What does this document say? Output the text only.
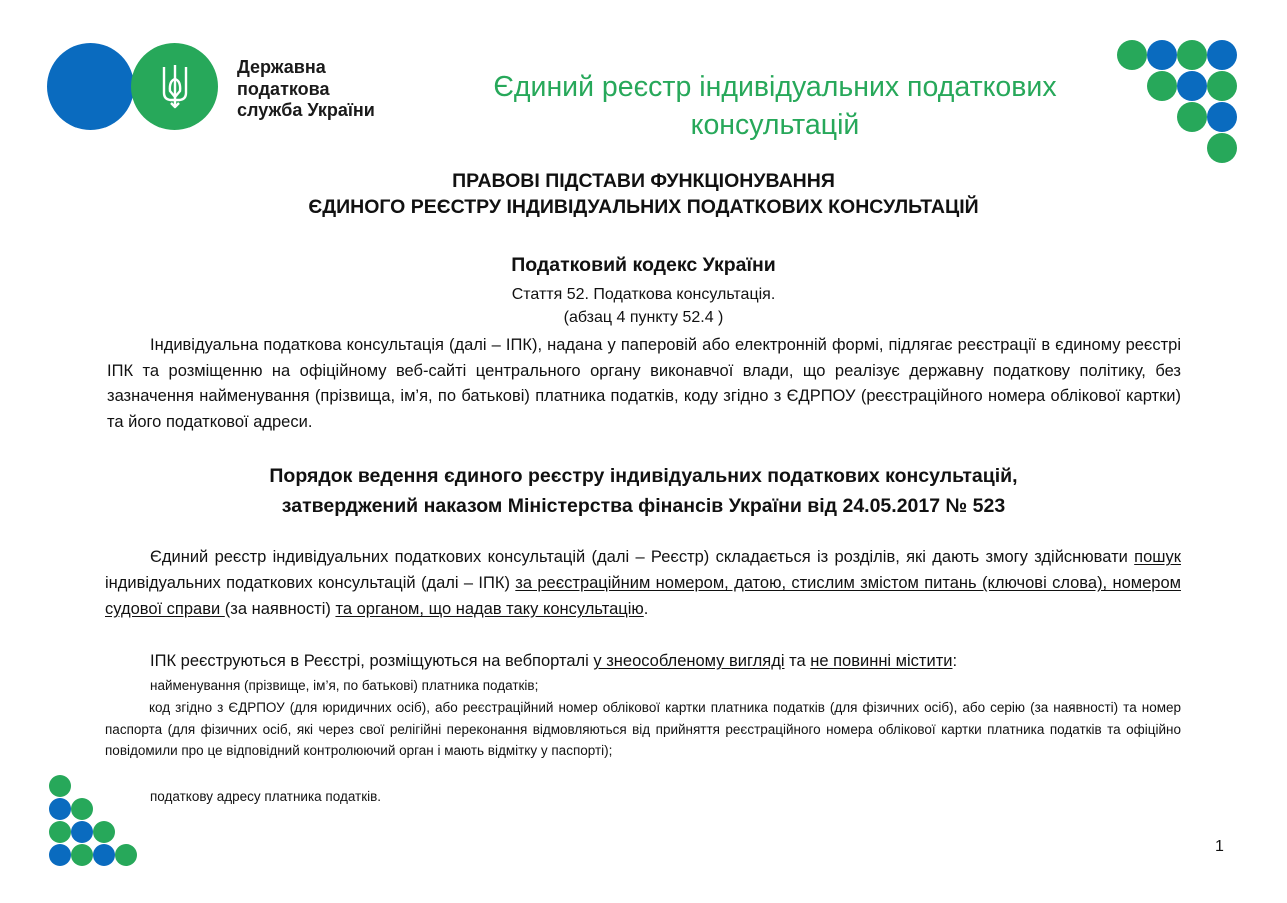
Державна
податкова
служба України
Єдиний реєстр індивідуальних податкових
консультацій
ПРАВОВІ ПІДСТАВИ ФУНКЦІОНУВАННЯ
ЄДИНОГО РЕЄСТРУ ІНДИВІДУАЛЬНИХ ПОДАТКОВИХ КОНСУЛЬТАЦІЙ
Податковий кодекс України
Стаття 52. Податкова консультація.
(абзац 4 пункту 52.4 )
Індивідуальна податкова консультація (далі – ІПК), надана у паперовій або електронній формі, підлягає реєстрації в єдиному реєстрі ІПК та розміщенню на офіційному веб-сайті центрального органу виконавчої влади, що реалізує державну податкову політику, без зазначення найменування (прізвища, ім’я, по батькові) платника податків, коду згідно з ЄДРПОУ (реєстраційного номера облікової картки) та його податкової адреси.
Порядок ведення єдиного реєстру індивідуальних податкових консультацій,
затверджений наказом Міністерства фінансів України від 24.05.2017 № 523
Єдиний реєстр індивідуальних податкових консультацій (далі – Реєстр) складається із розділів, які дають змогу здійснювати пошук індивідуальних податкових консультацій (далі – ІПК) за реєстраційним номером, датою, стислим змістом питань (ключові слова), номером судової справи (за наявності) та органом, що надав таку консультацію.
ІПК реєструються в Реєстрі, розміщуються на вебпорталі у знеособленому вигляді та не повинні містити:
найменування (прізвище, ім’я, по батькові) платника податків;
код згідно з ЄДРПОУ (для юридичних осіб), або реєстраційний номер облікової картки платника податків (для фізичних осіб), або серію (за наявності) та номер паспорта (для фізичних осіб, які через свої релігійні переконання відмовляються від прийняття реєстраційного номера облікової картки платника податків та офіційно повідомили про це відповідний контролюючий орган і мають відмітку у паспорті);
податкову адресу платника податків.
1
